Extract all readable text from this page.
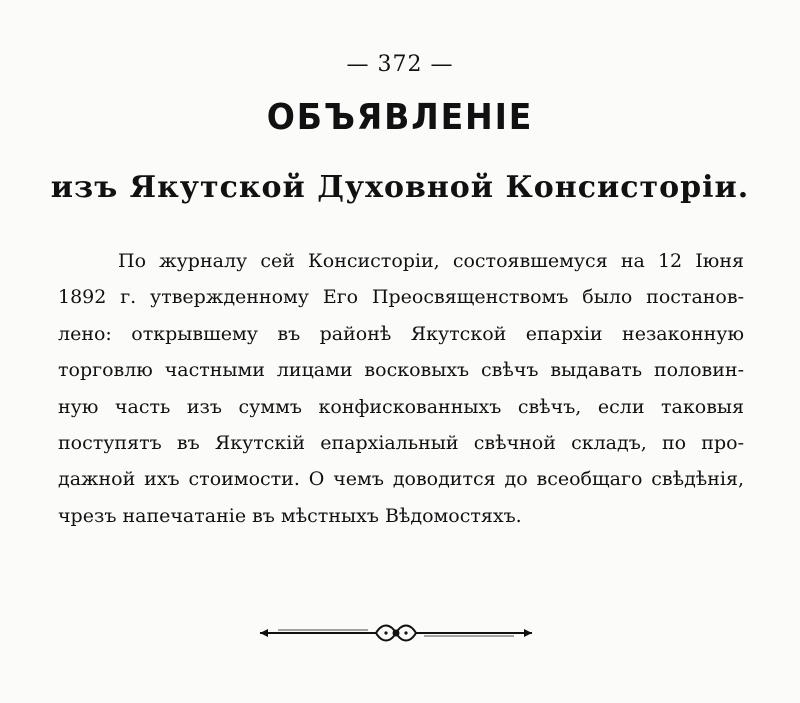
— 372 —
ОБЪЯВЛЕНIЕ
изъ Якутской Духовной Консисторiи.
По журналу сей Консисторiи, состоявшемуся на 12 Iюня
1892 г. утвержденному Его Преосвященствомъ было постанов-
лено: открывшему въ районѣ Якутской епархiи незаконную
торговлю частными лицами восковыхъ свѣчъ выдавать половин-
ную часть изъ суммъ конфискованныхъ свѣчъ, если таковыя
поступятъ въ Якутскiй епархiальный свѣчной складъ, по про-
дажной ихъ стоимости. О чемъ доводится до всеобщаго свѣдѣнiя,
чрезъ напечатанiе въ мѣстныхъ Вѣдомостяхъ.
